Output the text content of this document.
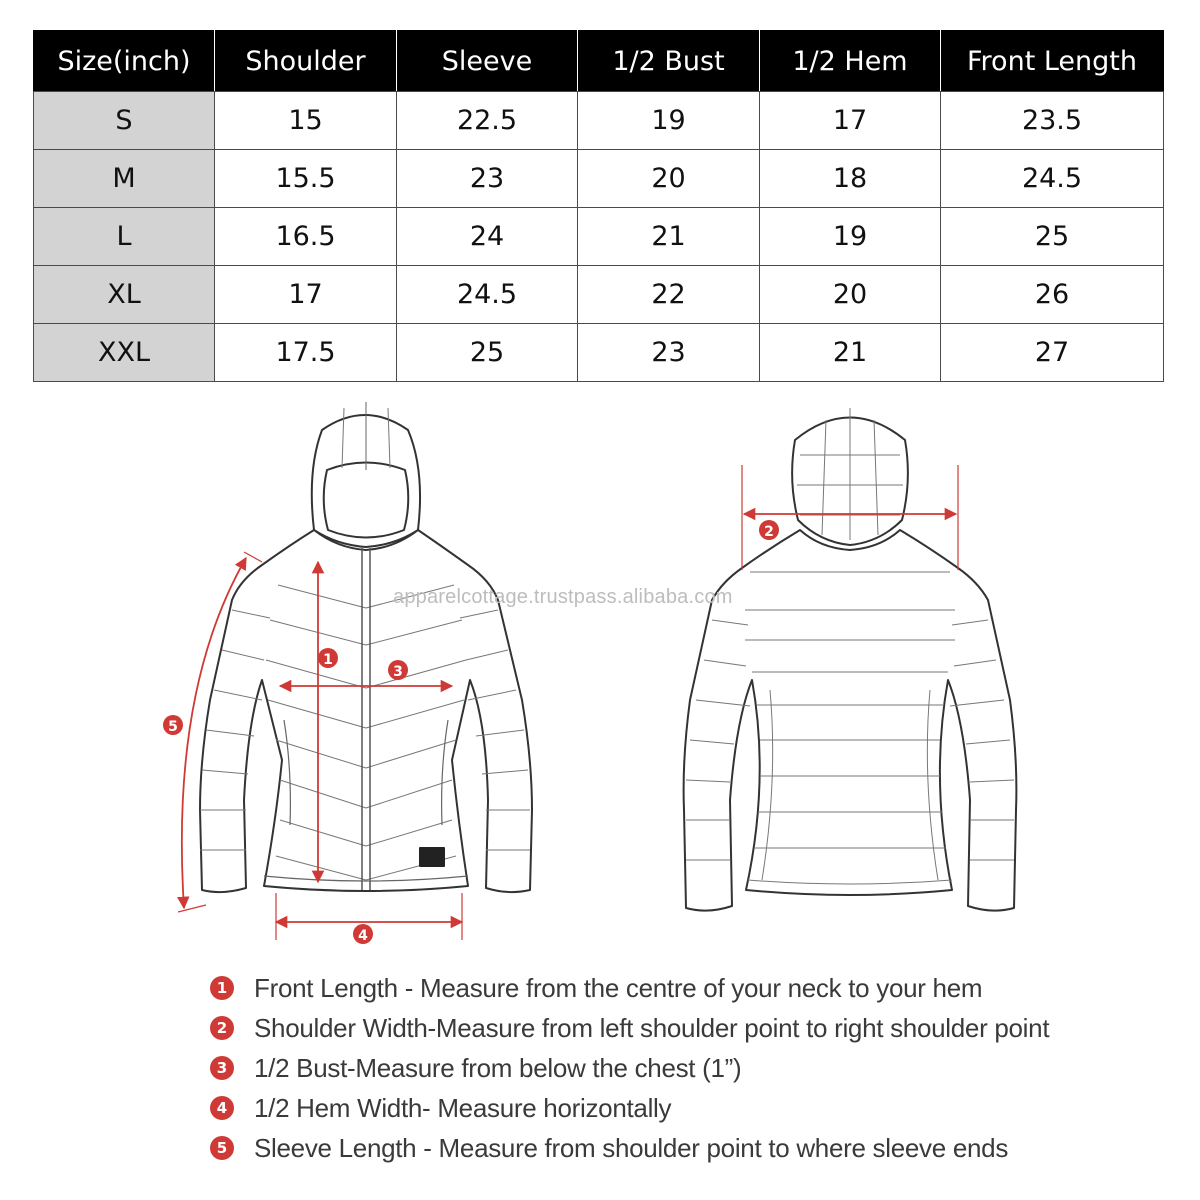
Size(inch)	Shoulder	Sleeve	1/2 Bust	1/2 Hem	Front Length
S	15	22.5	19	17	23.5
M	15.5	23	20	18	24.5
L	16.5	24	21	19	25
XL	17	24.5	22	20	26
XXL	17.5	25	23	21	27
1
2
3
4
5
apparelcottage.trustpass.alibaba.com
1 Front Length - Measure from the centre of your neck to your hem
2 Shoulder Width-Measure from left shoulder point to right shoulder point
3 1/2 Bust-Measure from below the chest (1”)
4 1/2 Hem Width- Measure horizontally
5 Sleeve Length - Measure from shoulder point to where sleeve ends
